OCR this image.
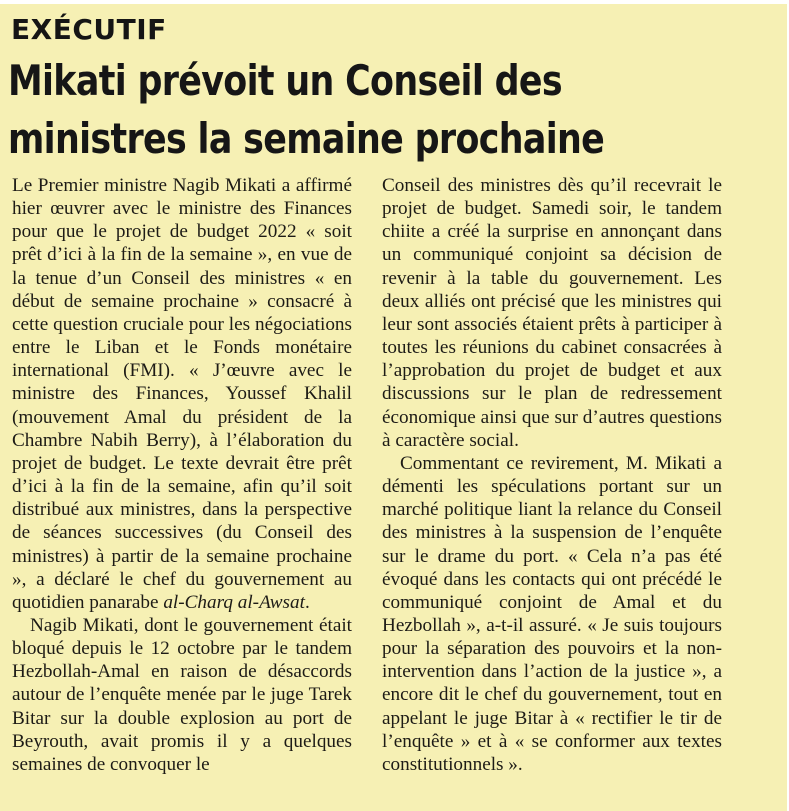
EXÉCUTIF
Mikati prévoit un Conseil des
ministres la semaine prochaine

Le Premier ministre Nagib Mikati a affirmé hier œuvrer avec le ministre des Finances pour que le projet de budget 2022 « soit prêt d’ici à la fin de la semaine », en vue de la tenue d’un Conseil des ministres « en début de semaine prochaine » consacré à cette question cruciale pour les négociations entre le Liban et le Fonds monétaire international (FMI). « J’œuvre avec le ministre des Finances, Youssef Khalil (mouvement Amal du président de la Chambre Nabih Berry), à l’élaboration du projet de budget. Le texte devrait être prêt d’ici à la fin de la semaine, afin qu’il soit distribué aux ministres, dans la perspective de séances successives (du Conseil des ministres) à partir de la semaine prochaine », a déclaré le chef du gouvernement au quotidien panarabe al-Charq al-Awsat.

Nagib Mikati, dont le gouvernement était bloqué depuis le 12 octobre par le tandem Hezbollah-Amal en raison de désaccords autour de l’enquête menée par le juge Tarek Bitar sur la double explosion au port de Beyrouth, avait promis il y a quelques semaines de convoquer le

Conseil des ministres dès qu’il recevrait le projet de budget. Samedi soir, le tandem chiite a créé la surprise en annonçant dans un communiqué conjoint sa décision de revenir à la table du gouvernement. Les deux alliés ont précisé que les ministres qui leur sont associés étaient prêts à participer à toutes les réunions du cabinet consacrées à l’approbation du projet de budget et aux discussions sur le plan de redressement économique ainsi que sur d’autres questions à caractère social.

Commentant ce revirement, M. Mikati a démenti les spéculations portant sur un marché politique liant la relance du Conseil des ministres à la suspension de l’enquête sur le drame du port. « Cela n’a pas été évoqué dans les contacts qui ont précédé le communiqué conjoint de Amal et du Hezbollah », a-t-il assuré. « Je suis toujours pour la séparation des pouvoirs et la non-intervention dans l’action de la justice », a encore dit le chef du gouvernement, tout en appelant le juge Bitar à « rectifier le tir de l’enquête » et à « se conformer aux textes constitutionnels ».
